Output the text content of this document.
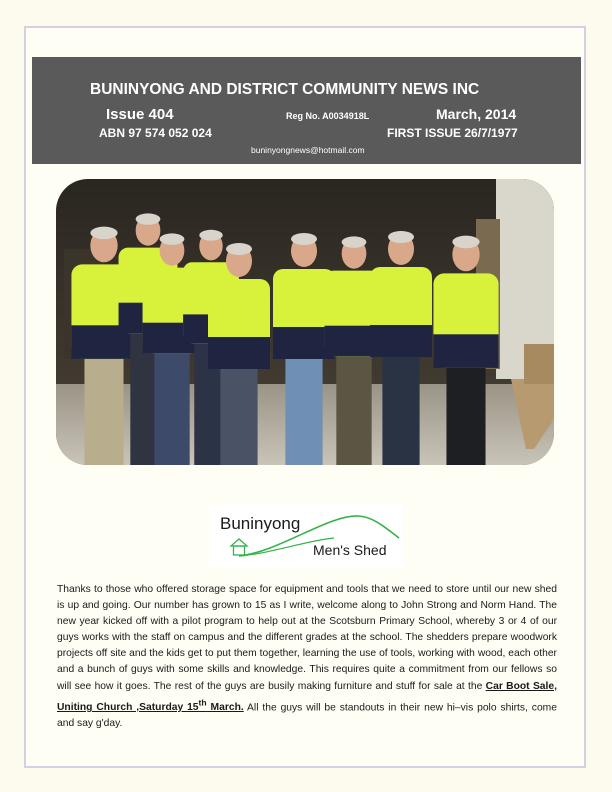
BUNINYONG AND DISTRICT COMMUNITY NEWS INC
Issue 404	Reg No. A0034918L	March, 2014
ABN 97 574 052 024	FIRST ISSUE 26/7/1977
buninyongnews@hotmail.com
Buninyong
Men's Shed
Thanks to those who offered storage space for equipment and tools that we need to store until our new shed is up and going. Our number has grown to 15 as I write, welcome along to John Strong and Norm Hand. The new year kicked off with a pilot program to help out at the Scotsburn Primary School, whereby 3 or 4 of our guys works with the staff on campus and the different grades at the school. The shedders prepare woodwork projects off site and the kids get to put them together, learning the use of tools, working with wood, each other and a bunch of guys with some skills and knowledge. This requires quite a commitment from our fellows so will see how it goes. The rest of the guys are busily making furniture and stuff for sale at the Car Boot Sale, Uniting Church ,Saturday 15th March. All the guys will be standouts in their new hi–vis polo shirts, come and say g'day.
